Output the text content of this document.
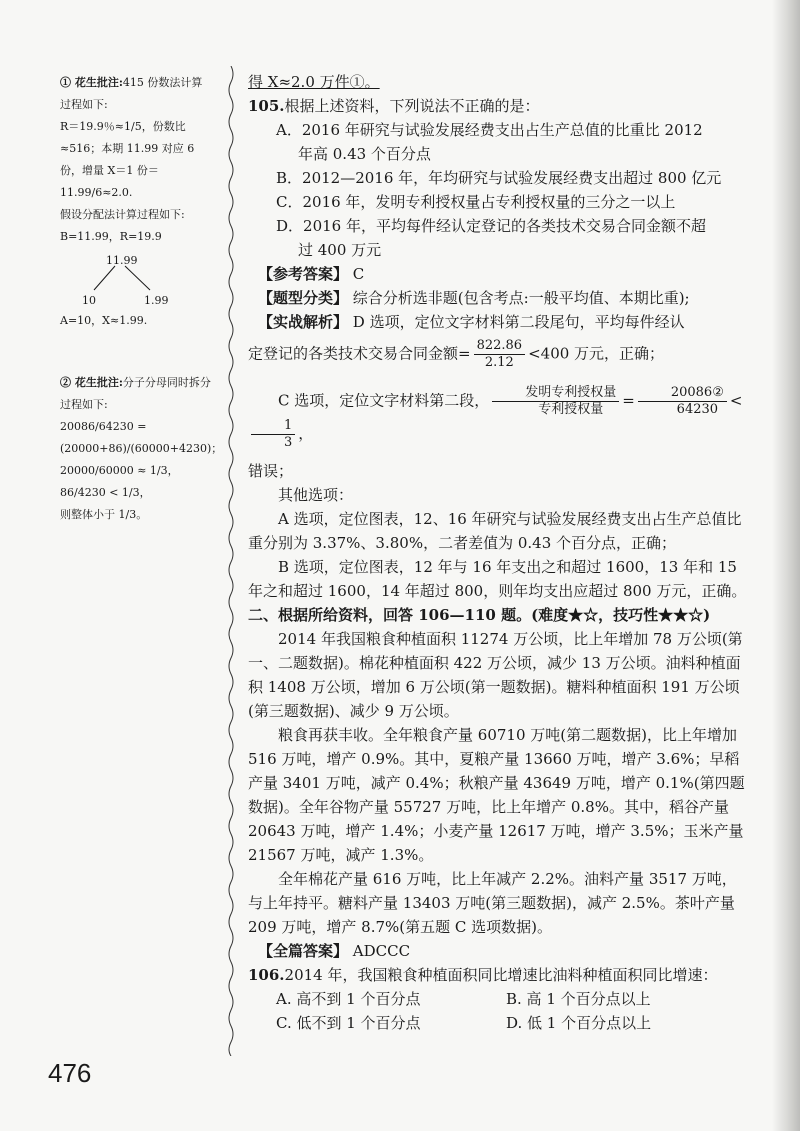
① 花生批注:415 份数法计算过程如下:

R＝19.9％≈1/5，份数比≈516；本期 11.99 对应 6 份，增量 X＝1 份＝11.99/6≈2.0.

假设分配法计算过程如下:

B=11.99，R=19.9

11.99
10	1.99

A=10，X≈1.99.

② 花生批注:分子分母同时拆分过程如下:

20086/64230 = (20000+86)/(60000+4230)；

20000/60000 ≈ 1/3，86/4230 < 1/3，

则整体小于 1/3。

得 X≈2.0 万件①。

105.根据上述资料，下列说法不正确的是：

A．2016 年研究与试验发展经费支出占生产总值的比重比 2012

年高 0.43 个百分点

B．2012—2016 年，年均研究与试验发展经费支出超过 800 亿元

C．2016 年，发明专利授权量占专利授权量的三分之一以上

D．2016 年，平均每件经认定登记的各类技术交易合同金额不超

过 400 万元

【参考答案】 C

【题型分类】 综合分析选非题(包含考点:一般平均值、本期比重);

【实战解析】 D 选项，定位文字材料第二段尾句，平均每件经认

定登记的各类技术交易合同金额= $\frac{822.86}{2.12} <400$ 万元，正确；

C 选项，定位文字材料第二段， $\frac{\text{发明专利授权量}}{\text{专利授权量}} = \frac{\text{20086②}}{64230}$ <
$\frac{1}{3}$ ，

错误；

其他选项：

A 选项，定位图表，12、16 年研究与试验发展经费支出占生产总值比重分别为 3.37%、3.80%，二者差值为 0.43 个百分点，正确；

B 选项，定位图表，12 年与 16 年支出之和超过 1600，13 年和 15 年之和超过 1600，14 年超过 800，则年均支出应超过 800 万元，正确。

二、根据所给资料，回答 106—110 题。(难度★☆，技巧性★★☆)

2014 年我国粮食种植面积 11274 万公顷，比上年增加 78 万公顷(第一、二题数据)。棉花种植面积 422 万公顷，减少 13 万公顷。油料种植面积 1408 万公顷，增加 6 万公顷(第一题数据)。糖料种植面积 191 万公顷(第三题数据)、减少 9 万公顷。

粮食再获丰收。全年粮食产量 60710 万吨(第二题数据)，比上年增加 516 万吨，增产 0.9%。其中，夏粮产量 13660 万吨，增产 3.6%；早稻产量 3401 万吨，减产 0.4%；秋粮产量 43649 万吨，增产 0.1%(第四题数据)。全年谷物产量 55727 万吨，比上年增产 0.8%。其中，稻谷产量 20643 万吨，增产 1.4%；小麦产量 12617 万吨，增产 3.5%；玉米产量 21567 万吨，减产 1.3%。

全年棉花产量 616 万吨，比上年减产 2.2%。油料产量 3517 万吨，与上年持平。糖料产量 13403 万吨(第三题数据)，减产 2.5%。茶叶产量 209 万吨，增产 8.7%(第五题 C 选项数据)。

【全篇答案】 ADCCC

106.2014 年，我国粮食种植面积同比增速比油料种植面积同比增速：

A. 高不到 1 个百分点	B. 高 1 个百分点以上
C. 低不到 1 个百分点	D. 低 1 个百分点以上
476
